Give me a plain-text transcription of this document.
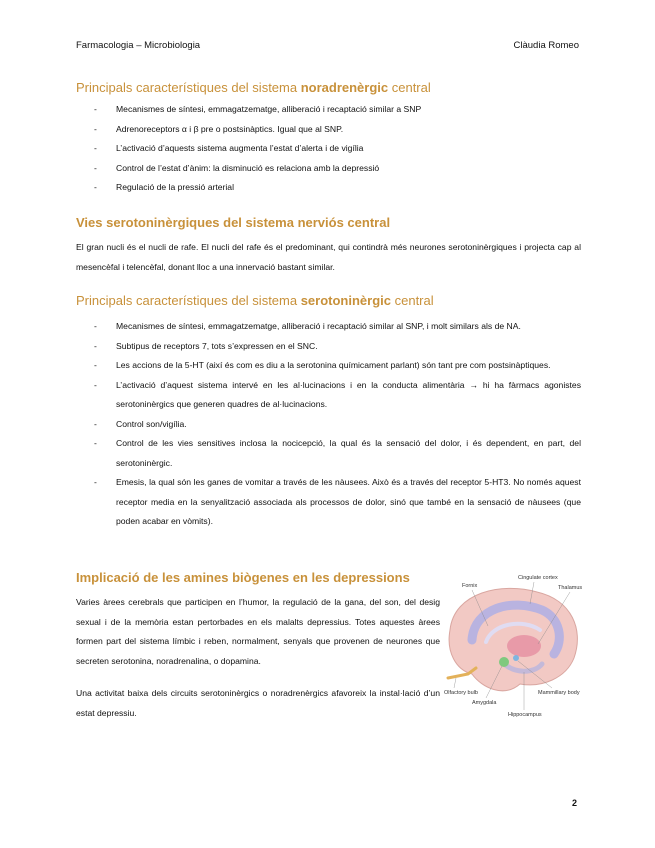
Farmacologia – Microbiologia	Clàudia Romeo
Principals característiques del sistema noradrenèrgic central
- Mecanismes de síntesi, emmagatzematge, alliberació i recaptació similar a SNP
- Adrenoreceptors α i β pre o postsinàptics. Igual que al SNP.
- L’activació d’aquests sistema augmenta l’estat d’alerta i de vigília
- Control de l’estat d’ànim: la disminució es relaciona amb la depressió
- Regulació de la pressió arterial
Vies serotoninèrgiques del sistema nerviós central

El gran nucli és el nucli de rafe. El nucli del rafe és el predominant, qui contindrà més neurones serotoninèrgiques i projecta cap al mesencèfal i telencèfal, donant lloc a una innervació bastant similar.

Principals característiques del sistema serotoninèrgic central
- Mecanismes de síntesi, emmagatzematge, alliberació i recaptació similar al SNP, i molt similars als de NA.
- Subtipus de receptors 7, tots s’expressen en el SNC.
- Les accions de la 5-HT (així és com es diu a la serotonina químicament parlant) són tant pre com postsinàptiques.
- L’activació d’aquest sistema intervé en les al·lucinacions i en la conducta alimentària → hi ha fàrmacs agonistes serotoninèrgics que generen quadres de al·lucinacions.
- Control son/vigília.
- Control de les vies sensitives inclosa la nocicepció, la qual és la sensació del dolor, i és dependent, en part, del serotoninèrgic.
- Emesis, la qual són les ganes de vomitar a través de les nàusees. Això és a través del receptor 5-HT3. No només aquest receptor media en la senyalització associada als processos de dolor, sinó que també en la sensació de nàusees (que poden acabar en vòmits).
Implicació de les amines biògenes en les depressions

Varies àrees cerebrals que participen en l’humor, la regulació de la gana, del son, del desig sexual i de la memòria estan pertorbades en els malalts depressius. Totes aquestes àrees formen part del sistema límbic i reben, normalment, senyals que provenen de neurones que secreten serotonina, noradrenalina, o dopamina.

Una activitat baixa dels circuits serotoninèrgics o noradrenèrgics afavoreix la instal·lació d’un estat depressiu.

Cingulate cortex
Fornix	Thalamus
Olfactory bulb
Amygdala
Mammillary body
Hippocampus
2
